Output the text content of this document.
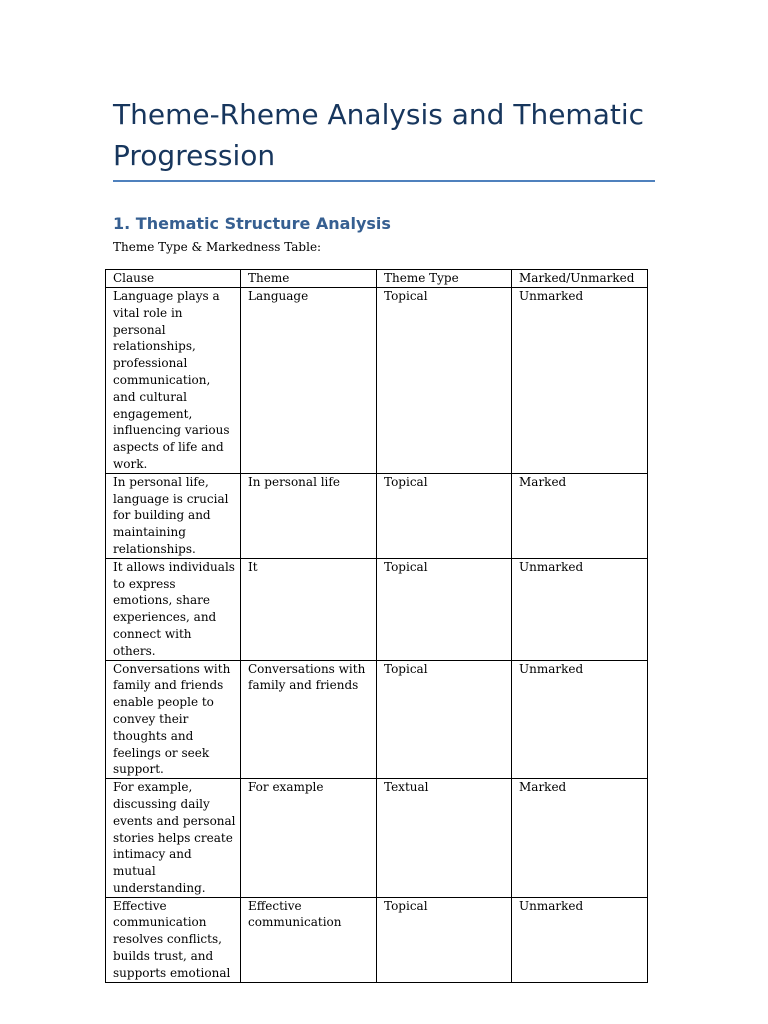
Theme-Rheme Analysis and Thematic Progression
1. Thematic Structure Analysis

Theme Type & Markedness Table:

Clause	Theme	Theme Type	Marked/Unmarked
Language plays a vital role in personal relationships, professional communication, and cultural engagement, influencing various aspects of life and work.	Language	Topical	Unmarked
In personal life, language is crucial for building and maintaining relationships.	In personal life	Topical	Marked
It allows individuals to express emotions, share experiences, and connect with others.	It	Topical	Unmarked
Conversations with family and friends enable people to convey their thoughts and feelings or seek support.	Conversations with family and friends	Topical	Unmarked
For example, discussing daily events and personal stories helps create intimacy and mutual understanding.	For example	Textual	Marked
Effective communication resolves conflicts, builds trust, and supports emotional	Effective communication	Topical	Unmarked
